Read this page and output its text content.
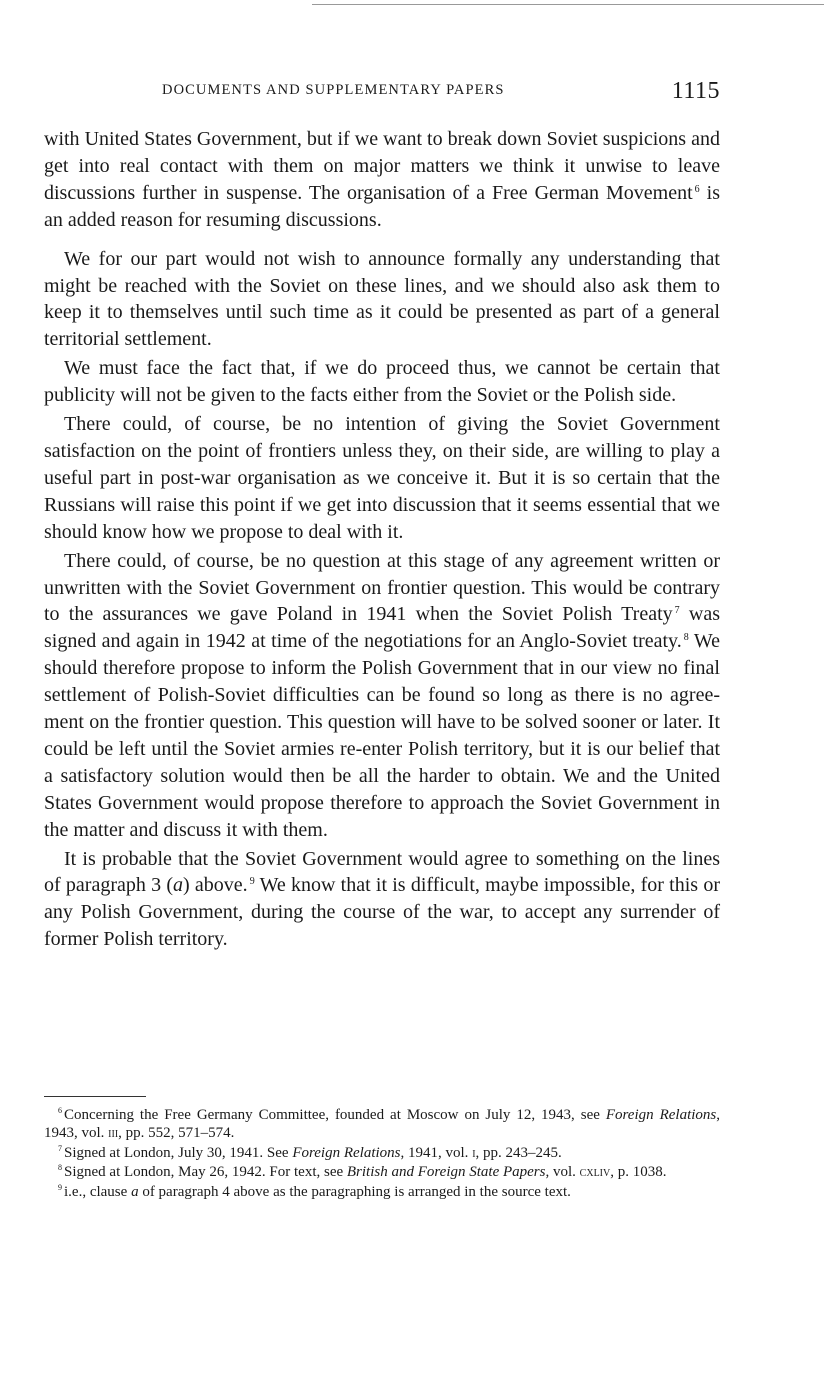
DOCUMENTS AND SUPPLEMENTARY PAPERS	1115

with United States Government, but if we want to break down Soviet suspicions and get into real contact with them on major matters we think it unwise to leave discussions further in suspense. The organisation of a Free German Movement $^6$ is an added reason for resuming discussions.

We for our part would not wish to announce formally any understanding that might be reached with the Soviet on these lines, and we should also ask them to keep it to themselves until such time as it could be presented as part of a general territorial settlement.

We must face the fact that, if we do proceed thus, we cannot be certain that publicity will not be given to the facts either from the Soviet or the Polish side.

There could, of course, be no intention of giving the Soviet Government satisfaction on the point of frontiers unless they, on their side, are willing to play a useful part in post-war organisation as we conceive it. But it is so certain that the Russians will raise this point if we get into discussion that it seems essential that we should know how we propose to deal with it.

There could, of course, be no question at this stage of any agreement written or unwritten with the Soviet Government on frontier question. This would be contrary to the assurances we gave Poland in 1941 when the Soviet Polish Treaty $^7$ was signed and again in 1942 at time of the negotiations for an Anglo-Soviet treaty. $^8$ We should therefore propose to inform the Polish Government that in our view no final settlement of Polish-Soviet difficulties can be found so long as there is no agreement on the frontier question. This question will have to be solved sooner or later. It could be left until the Soviet armies re-enter Polish territory, but it is our belief that a satisfactory solution would then be all the harder to obtain. We and the United States Government would propose therefore to approach the Soviet Government in the matter and discuss it with them.

It is probable that the Soviet Government would agree to something on the lines of paragraph 3 (a) above. $^9$ We know that it is difficult, maybe impossible, for this or any Polish Government, during the course of the war, to accept any surrender of former Polish territory.

$^6$ Concerning the Free Germany Committee, founded at Moscow on July 12, 1943, see Foreign Relations, 1943, vol. iii, pp. 552, 571–574.

$^7$ Signed at London, July 30, 1941. See Foreign Relations, 1941, vol. i, pp. 243–245.

$^8$ Signed at London, May 26, 1942. For text, see British and Foreign State Papers, vol. cxliv, p. 1038.

$^9$ i.e., clause a of paragraph 4 above as the paragraphing is arranged in the source text.
